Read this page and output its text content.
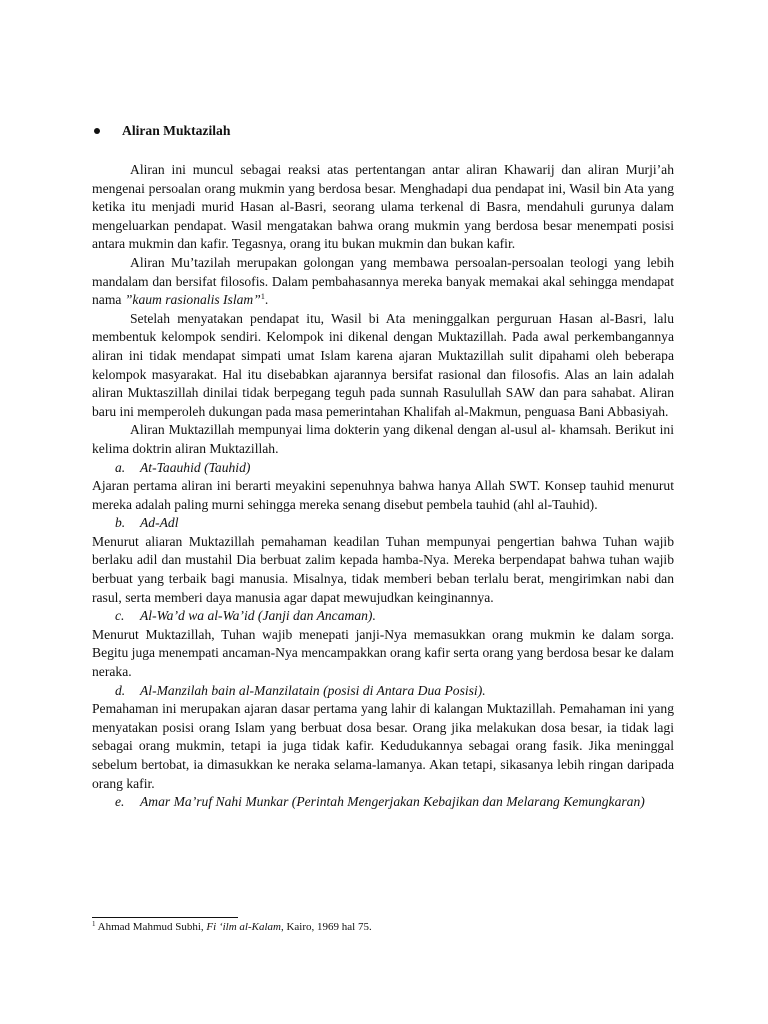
Aliran Muktazilah

Aliran ini muncul sebagai reaksi atas pertentangan antar aliran Khawarij dan aliran Murji’ah mengenai persoalan orang mukmin yang berdosa besar. Menghadapi dua pendapat ini, Wasil bin Ata yang ketika itu menjadi murid Hasan al-Basri, seorang ulama terkenal di Basra, mendahuli gurunya dalam mengeluarkan pendapat. Wasil mengatakan bahwa orang mukmin yang berdosa besar menempati posisi antara mukmin dan kafir. Tegasnya, orang itu bukan mukmin dan bukan kafir.

Aliran Mu’tazilah merupakan golongan yang membawa persoalan-persoalan teologi yang lebih mandalam dan bersifat filosofis. Dalam pembahasannya mereka banyak memakai akal sehingga mendapat nama ”kaum rasionalis Islam”$^1$.

Setelah menyatakan pendapat itu, Wasil bi Ata meninggalkan perguruan Hasan al-Basri, lalu membentuk kelompok sendiri. Kelompok ini dikenal dengan Muktazillah. Pada awal perkembangannya aliran ini tidak mendapat simpati umat Islam karena ajaran Muktazillah sulit dipahami oleh beberapa kelompok masyarakat. Hal itu disebabkan ajarannya bersifat rasional dan filosofis. Alas an lain adalah aliran Muktaszillah dinilai tidak berpegang teguh pada sunnah Rasulullah SAW dan para sahabat. Aliran baru ini memperoleh dukungan pada masa pemerintahan Khalifah al-Makmun, penguasa Bani Abbasiyah.

Aliran Muktazillah mempunyai lima dokterin yang dikenal dengan al-usul al- khamsah. Berikut ini kelima doktrin aliran Muktazillah.

a.	At-Taauhid (Tauhid)

Ajaran pertama aliran ini berarti meyakini sepenuhnya bahwa hanya Allah SWT. Konsep tauhid menurut mereka adalah paling murni sehingga mereka senang disebut pembela tauhid (ahl al-Tauhid).

b.	Ad-Adl

Menurut aliaran Muktazillah pemahaman keadilan Tuhan mempunyai pengertian bahwa Tuhan wajib berlaku adil dan mustahil Dia berbuat zalim kepada hamba-Nya. Mereka berpendapat bahwa tuhan wajib berbuat yang terbaik bagi manusia. Misalnya, tidak memberi beban terlalu berat, mengirimkan nabi dan rasul, serta memberi daya manusia agar dapat mewujudkan keinginannya.

c.	Al-Wa’d wa al-Wa’id (Janji dan Ancaman).

Menurut Muktazillah, Tuhan wajib menepati janji-Nya memasukkan orang mukmin ke dalam sorga. Begitu juga menempati ancaman-Nya mencampakkan orang kafir serta orang yang berdosa besar ke dalam neraka.

d.	Al-Manzilah bain al-Manzilatain (posisi di Antara Dua Posisi).

Pemahaman ini merupakan ajaran dasar pertama yang lahir di kalangan Muktazillah. Pemahaman ini yang menyatakan posisi orang Islam yang berbuat dosa besar. Orang jika melakukan dosa besar, ia tidak lagi sebagai orang mukmin, tetapi ia juga tidak kafir. Kedudukannya sebagai orang fasik. Jika meninggal sebelum bertobat, ia dimasukkan ke neraka selama-lamanya. Akan tetapi, sikasanya lebih ringan daripada orang kafir.

e.	Amar Ma’ruf Nahi Munkar (Perintah Mengerjakan Kebajikan dan Melarang Kemungkaran)
$^1$ Ahmad Mahmud Subhi, Fi ‘ilm al-Kalam, Kairo, 1969 hal 75.
